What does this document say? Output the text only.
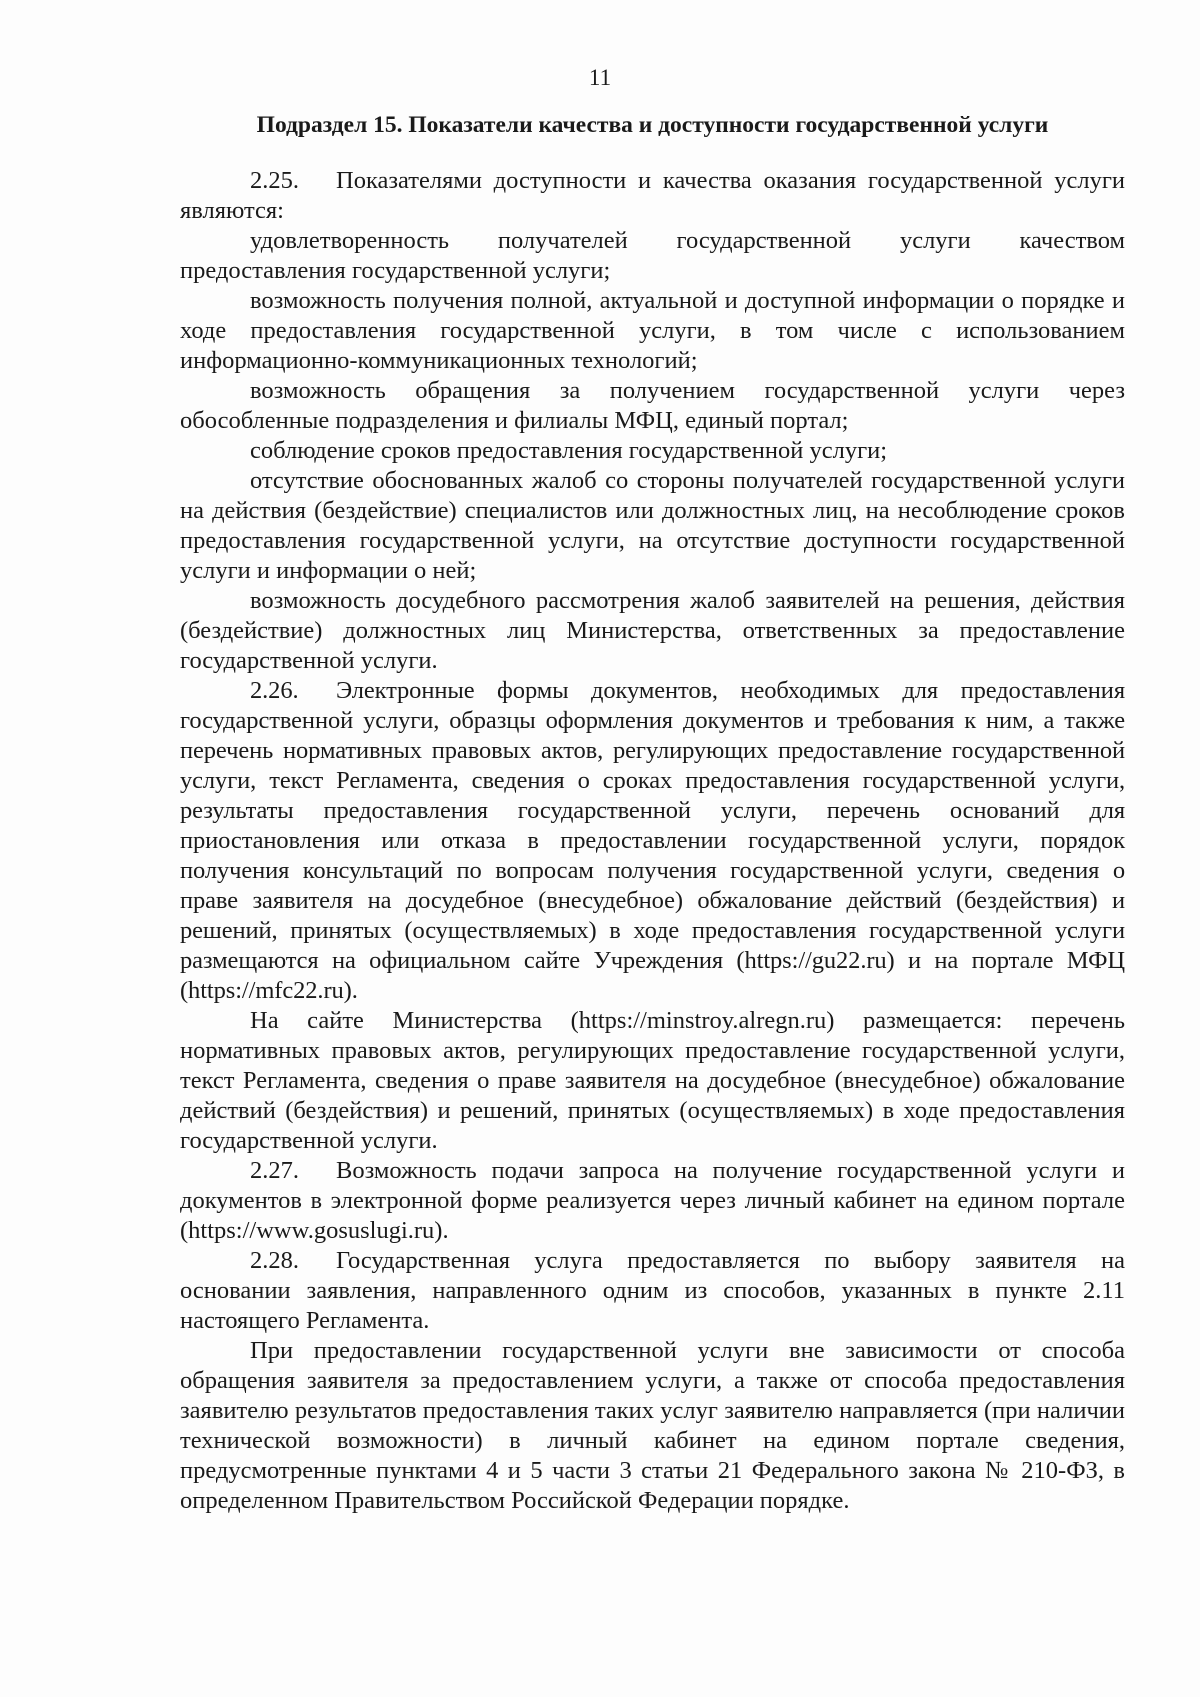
11
Подраздел 15. Показатели качества и доступности государственной услуги

2.25. Показателями доступности и качества оказания государственной услуги являются:

удовлетворенность получателей государственной услуги качеством предоставления государственной услуги;

возможность получения полной, актуальной и доступной информации о порядке и ходе предоставления государственной услуги, в том числе с использованием информационно-коммуникационных технологий;

возможность обращения за получением государственной услуги через обособленные подразделения и филиалы МФЦ, единый портал;

соблюдение сроков предоставления государственной услуги;

отсутствие обоснованных жалоб со стороны получателей государственной услуги на действия (бездействие) специалистов или должностных лиц, на несоблюдение сроков предоставления государственной услуги, на отсутствие доступности государственной услуги и информации о ней;

возможность досудебного рассмотрения жалоб заявителей на решения, действия (бездействие) должностных лиц Министерства, ответственных за предоставление государственной услуги.

2.26. Электронные формы документов, необходимых для предоставления государственной услуги, образцы оформления документов и требования к ним, а также перечень нормативных правовых актов, регулирующих предоставление государственной услуги, текст Регламента, сведения о сроках предоставления государственной услуги, результаты предоставления государственной услуги, перечень оснований для приостановления или отказа в предоставлении государственной услуги, порядок получения консультаций по вопросам получения государственной услуги, сведения о праве заявителя на досудебное (внесудебное) обжалование действий (бездействия) и решений, принятых (осуществляемых) в ходе предоставления государственной услуги размещаются на официальном сайте Учреждения (https://gu22.ru) и на портале МФЦ (https://mfc22.ru).

На сайте Министерства (https://minstroy.alregn.ru) размещается: перечень нормативных правовых актов, регулирующих предоставление государственной услуги, текст Регламента, сведения о праве заявителя на досудебное (внесудебное) обжалование действий (бездействия) и решений, принятых (осуществляемых) в ходе предоставления государственной услуги.

2.27. Возможность подачи запроса на получение государственной услуги и документов в электронной форме реализуется через личный кабинет на едином портале (https://www.gosuslugi.ru).

2.28. Государственная услуга предоставляется по выбору заявителя на основании заявления, направленного одним из способов, указанных в пункте 2.11 настоящего Регламента.

При предоставлении государственной услуги вне зависимости от способа обращения заявителя за предоставлением услуги, а также от способа предоставления заявителю результатов предоставления таких услуг заявителю направляется (при наличии технической возможности) в личный кабинет на едином портале сведения, предусмотренные пунктами 4 и 5 части 3 статьи 21 Федерального закона № 210-ФЗ, в определенном Правительством Российской Федерации порядке.
